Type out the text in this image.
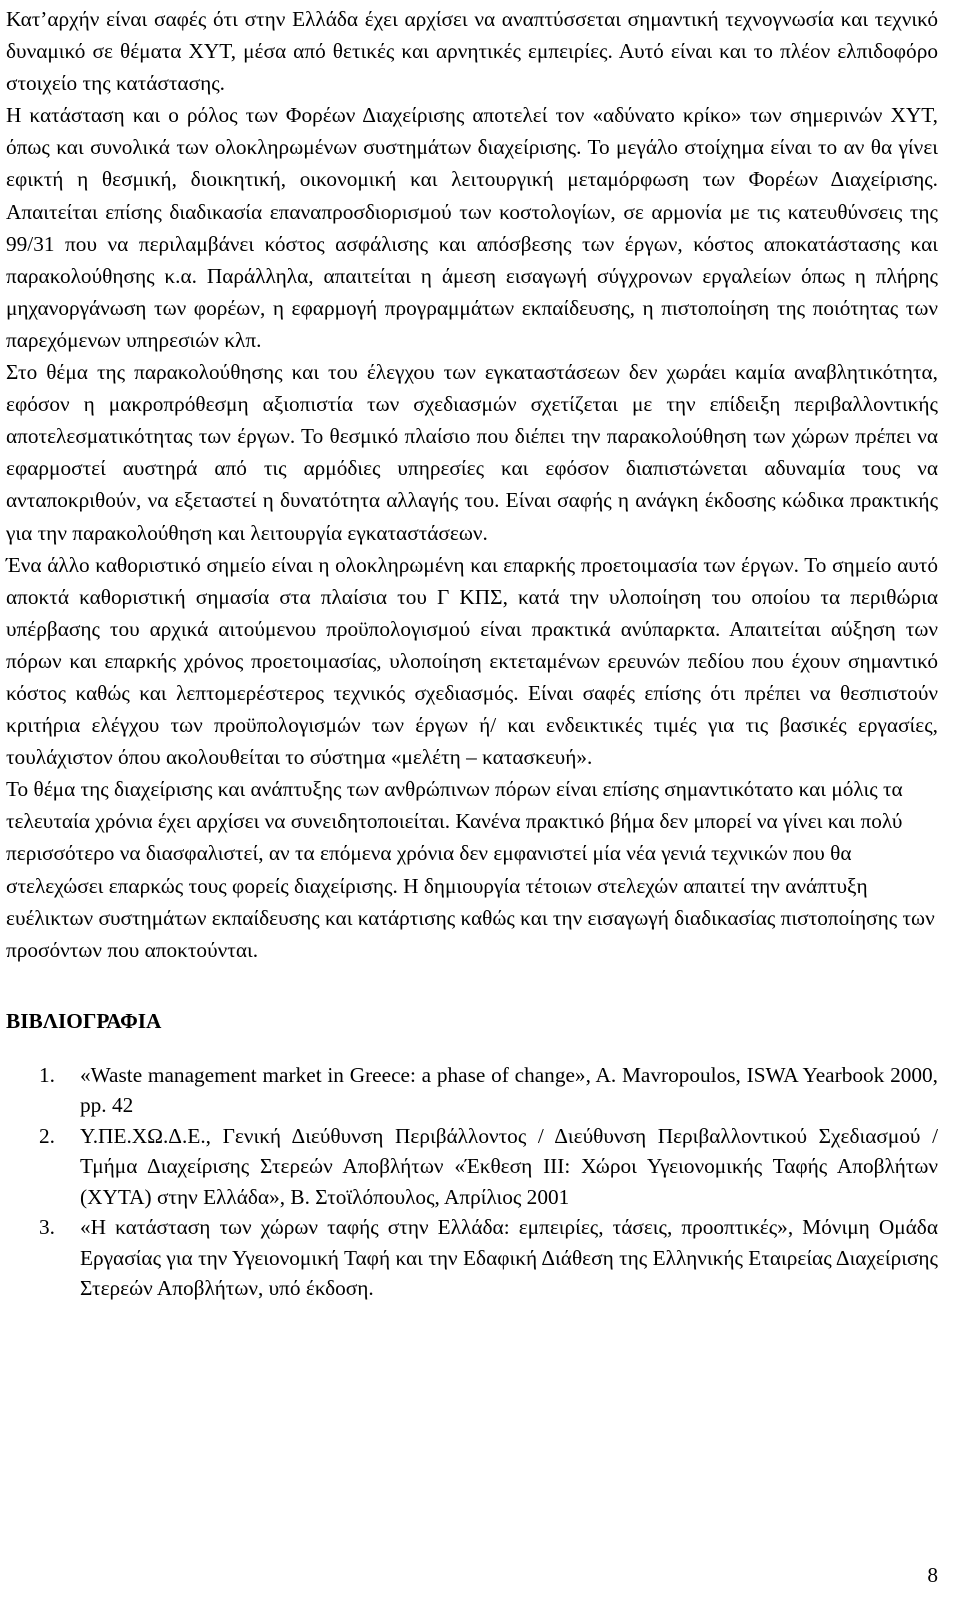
Κατ’αρχήν είναι σαφές ότι στην Ελλάδα έχει αρχίσει να αναπτύσσεται σημαντική τεχνογνωσία και τεχνικό δυναμικό σε θέματα ΧΥΤ, μέσα από θετικές και αρνητικές εμπειρίες. Αυτό είναι και το πλέον ελπιδοφόρο στοιχείο της κατάστασης.

Η κατάσταση και ο ρόλος των Φορέων Διαχείρισης αποτελεί τον «αδύνατο κρίκο» των σημερινών ΧΥΤ, όπως και συνολικά των ολοκληρωμένων συστημάτων διαχείρισης. Το μεγάλο στοίχημα είναι το αν θα γίνει εφικτή η θεσμική, διοικητική, οικονομική και λειτουργική μεταμόρφωση των Φορέων Διαχείρισης. Απαιτείται επίσης διαδικασία επαναπροσδιορισμού των κοστολογίων, σε αρμονία με τις κατευθύνσεις της 99/31 που να περιλαμβάνει κόστος ασφάλισης και απόσβεσης των έργων, κόστος αποκατάστασης και παρακολούθησης κ.α. Παράλληλα, απαιτείται η άμεση εισαγωγή σύγχρονων εργαλείων όπως η πλήρης μηχανοργάνωση των φορέων, η εφαρμογή προγραμμάτων εκπαίδευσης, η πιστοποίηση της ποιότητας των παρεχόμενων υπηρεσιών κλπ.

Στο θέμα της παρακολούθησης και του έλεγχου των εγκαταστάσεων δεν χωράει καμία αναβλητικότητα, εφόσον η μακροπρόθεσμη αξιοπιστία των σχεδιασμών σχετίζεται με την επίδειξη περιβαλλοντικής αποτελεσματικότητας των έργων. Το θεσμικό πλαίσιο που διέπει την παρακολούθηση των χώρων πρέπει να εφαρμοστεί αυστηρά από τις αρμόδιες υπηρεσίες και εφόσον διαπιστώνεται αδυναμία τους να ανταποκριθούν, να εξεταστεί η δυνατότητα αλλαγής του. Είναι σαφής η ανάγκη έκδοσης κώδικα πρακτικής για την παρακολούθηση και λειτουργία εγκαταστάσεων.

Ένα άλλο καθοριστικό σημείο είναι η ολοκληρωμένη και επαρκής προετοιμασία των έργων. Το σημείο αυτό αποκτά καθοριστική σημασία στα πλαίσια του Γ ΚΠΣ, κατά την υλοποίηση του οποίου τα περιθώρια υπέρβασης του αρχικά αιτούμενου προϋπολογισμού είναι πρακτικά ανύπαρκτα. Απαιτείται αύξηση των πόρων και επαρκής χρόνος προετοιμασίας, υλοποίηση εκτεταμένων ερευνών πεδίου που έχουν σημαντικό κόστος καθώς και λεπτομερέστερος τεχνικός σχεδιασμός. Είναι σαφές επίσης ότι πρέπει να θεσπιστούν κριτήρια ελέγχου των προϋπολογισμών των έργων ή/ και ενδεικτικές τιμές για τις βασικές εργασίες, τουλάχιστον όπου ακολουθείται το σύστημα «μελέτη – κατασκευή».

Το θέμα της διαχείρισης και ανάπτυξης των ανθρώπινων πόρων είναι επίσης σημαντικότατο και μόλις τα τελευταία χρόνια έχει αρχίσει να συνειδητοποιείται. Κανένα πρακτικό βήμα δεν μπορεί να γίνει και πολύ περισσότερο να διασφαλιστεί, αν τα επόμενα χρόνια δεν εμφανιστεί μία νέα γενιά τεχνικών που θα στελεχώσει επαρκώς τους φορείς διαχείρισης. Η δημιουργία τέτοιων στελεχών απαιτεί την ανάπτυξη ευέλικτων συστημάτων εκπαίδευσης και κατάρτισης καθώς και την εισαγωγή διαδικασίας πιστοποίησης των προσόντων που αποκτούνται.

ΒΙΒΛΙΟΓΡΑΦΙΑ
1. «Waste management market in Greece: a phase of change», A. Mavropoulos, ISWA Yearbook 2000, pp. 42
2. Υ.ΠΕ.ΧΩ.Δ.Ε., Γενική Διεύθυνση Περιβάλλοντος / Διεύθυνση Περιβαλλοντικού Σχεδιασμού / Τμήμα Διαχείρισης Στερεών Αποβλήτων «Έκθεση ΙΙΙ: Χώροι Υγειονομικής Ταφής Αποβλήτων (ΧΥΤΑ) στην Ελλάδα», Β. Στοϊλόπουλος, Απρίλιος 2001
3. «Η κατάσταση των χώρων ταφής στην Ελλάδα: εμπειρίες, τάσεις, προοπτικές», Μόνιμη Ομάδα Εργασίας για την Υγειονομική Ταφή και την Εδαφική Διάθεση της Ελληνικής Εταιρείας Διαχείρισης Στερεών Αποβλήτων, υπό έκδοση.
8
